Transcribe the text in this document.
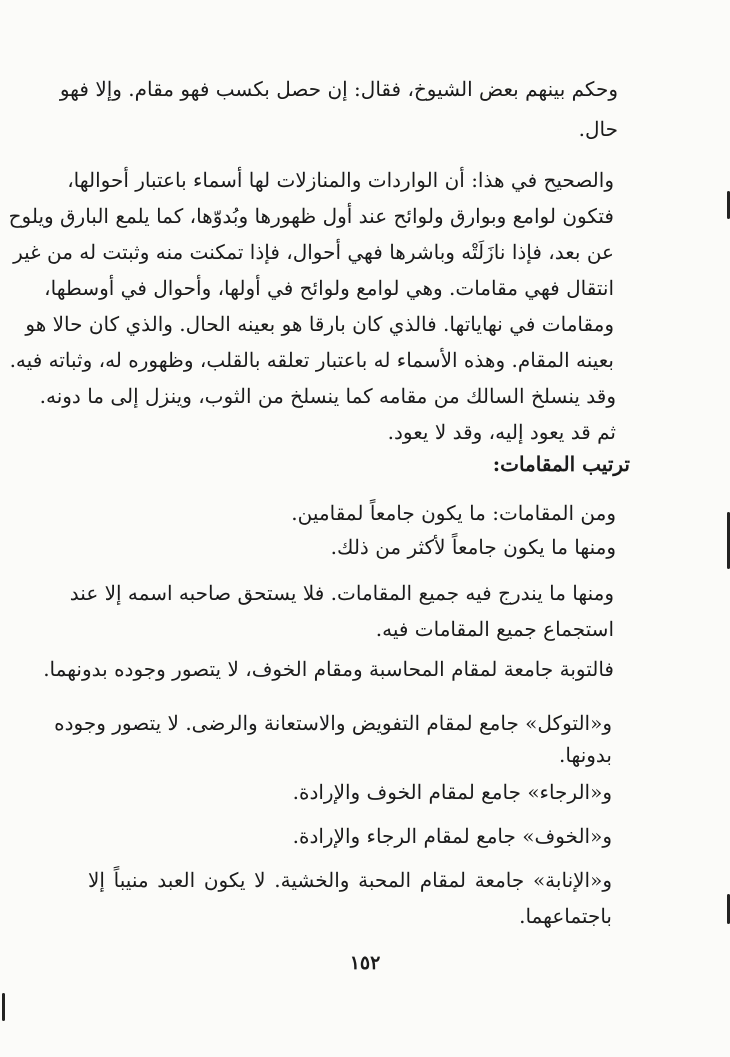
وحكم بينهم بعض الشيوخ، فقال: إن حصل بكسب فهو مقام. وإلا فهو
حال.
والصحيح في هذا: أن الواردات والمنازلات لها أسماء باعتبار أحوالها،
فتكون لوامع وبوارق ولوائح عند أول ظهورها وبُدوّها، كما يلمع البارق ويلوح
عن بعد، فإذا نازَلَتْه وباشرها فهي أحوال، فإذا تمكنت منه وثبتت له من غير
انتقال فهي مقامات. وهي لوامع ولوائح في أولها، وأحوال في أوسطها،
ومقامات في نهاياتها. فالذي كان بارقا هو بعينه الحال. والذي كان حالا هو
بعينه المقام. وهذه الأسماء له باعتبار تعلقه بالقلب، وظهوره له، وثباته فيه.
وقد ينسلخ السالك من مقامه كما ينسلخ من الثوب، وينزل إلى ما دونه.
ثم قد يعود إليه، وقد لا يعود.
ترتيب المقامات:
ومن المقامات: ما يكون جامعاً لمقامين.
ومنها ما يكون جامعاً لأكثر من ذلك.
ومنها ما يندرج فيه جميع المقامات. فلا يستحق صاحبه اسمه إلا عند
استجماع جميع المقامات فيه.
فالتوبة جامعة لمقام المحاسبة ومقام الخوف، لا يتصور وجوده بدونهما.
و«التوكل» جامع لمقام التفويض والاستعانة والرضى. لا يتصور وجوده
بدونها.
و«الرجاء» جامع لمقام الخوف والإرادة.
و«الخوف» جامع لمقام الرجاء والإرادة.
و«الإنابة» جامعة لمقام المحبة والخشية. لا يكون العبد منيباً إلا
باجتماعهما.
١٥٢
